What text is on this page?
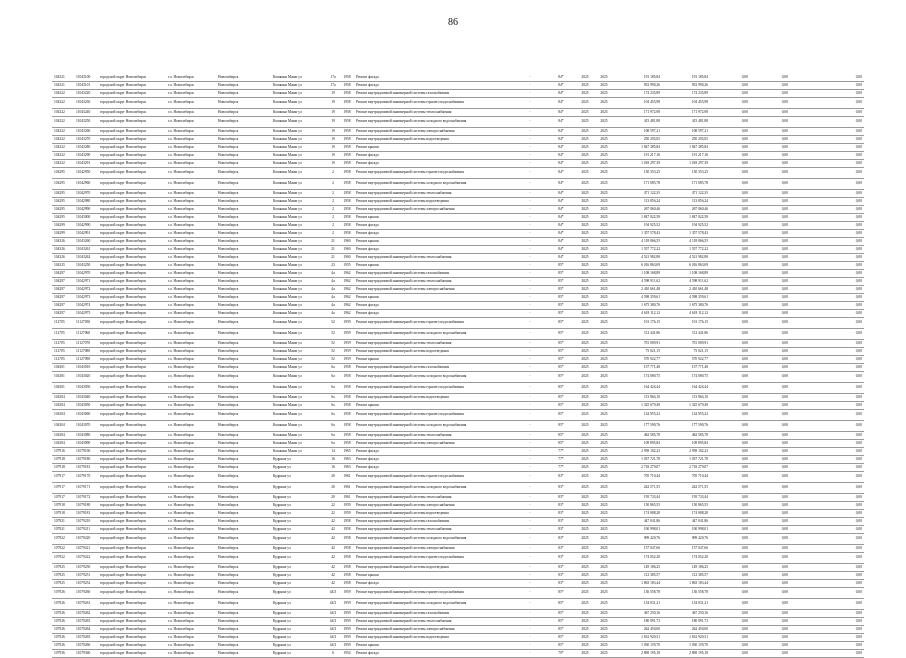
86
104321	11043100	городской округ Новосибирск	г.о. Новосибирск	Новосибирск	Кошкина Маши ул	17а	1958	Ремонт фасада	-	84*	2025	2025	191 185,84	191 185,84	0,00	0,00	0,00
104321	11043101	городской округ Новосибирск	г.о. Новосибирск	Новосибирск	Кошкина Маши ул	17а	1958	Ремонт фасада	-	84*	2025	2025	952 990,26	952 990,26	0,00	0,00	0,00
104322	11043220	городской округ Новосибирск	г.о. Новосибирск	Новосибирск	Кошкина Маши ул	19	1958	Ремонт внутридомовой инженерной системы газоснабжения	-	84*	2025	2025	174 235,89	174 235,89	0,00	0,00	0,00
104322	11043230	городской округ Новосибирск	г.о. Новосибирск	Новосибирск	Кошкина Маши ул	19	1958	Ремонт внутридомовой инженерной системы горячего водоснабжения	-	84*	2025	2025	104 455,98	104 455,98	0,00	0,00	0,00
104322	11043240	городской округ Новосибирск	г.о. Новосибирск	Новосибирск	Кошкина Маши ул	19	1958	Ремонт внутридомовой инженерной системы теплоснабжения	-	84*	2025	2025	171 972,98	171 972,98	0,00	0,00	0,00
104322	11043250	городской округ Новосибирск	г.о. Новосибирск	Новосибирск	Кошкина Маши ул	19	1958	Ремонт внутридомовой инженерной системы холодного водоснабжения	-	84*	2025	2025	415 481,88	415 481,88	0,00	0,00	0,00
104322	11043260	городской округ Новосибирск	г.о. Новосибирск	Новосибирск	Кошкина Маши ул	19	1958	Ремонт внутридомовой инженерной системы электроснабжения	-	84*	2025	2025	108 597,21	108 597,21	0,00	0,00	0,00
104322	11043270	городской округ Новосибирск	г.о. Новосибирск	Новосибирск	Кошкина Маши ул	19	1958	Ремонт внутридомовой инженерной системы водоотведения	-	84*	2025	2025	250 205,05	250 205,05	0,00	0,00	0,00
104322	11043280	городской округ Новосибирск	г.о. Новосибирск	Новосибирск	Кошкина Маши ул	19	1958	Ремонт крыши	-	84*	2025	2025	1 847 385,84	1 847 385,84	0,00	0,00	0,00
104322	11043290	городской округ Новосибирск	г.о. Новосибирск	Новосибирск	Кошкина Маши ул	19	1958	Ремонт фасада	-	84*	2025	2025	191 217,16	191 217,16	0,00	0,00	0,00
104322	11043291	городской округ Новосибирск	г.о. Новосибирск	Новосибирск	Кошкина Маши ул	19	1958	Ремонт фасада	-	84*	2025	2025	1 018 297,39	1 018 297,39	0,00	0,00	0,00
104295	11042950	городской округ Новосибирск	г.о. Новосибирск	Новосибирск	Кошкина Маши ул	2	1958	Ремонт внутридомовой инженерной системы горячего водоснабжения	-	84*	2025	2025	150 353,25	150 353,25	0,00	0,00	0,00
104295	11042960	городской округ Новосибирск	г.о. Новосибирск	Новосибирск	Кошкина Маши ул	2	1958	Ремонт внутридомовой инженерной системы холодного водоснабжения	-	84*	2025	2025	171 085,78	171 085,78	0,00	0,00	0,00
104295	11042970	городской округ Новосибирск	г.о. Новосибирск	Новосибирск	Кошкина Маши ул	2	1958	Ремонт внутридомовой инженерной системы теплоснабжения	-	84*	2025	2025	471 122,35	471 122,35	0,00	0,00	0,00
104295	11042980	городской округ Новосибирск	г.о. Новосибирск	Новосибирск	Кошкина Маши ул	2	1958	Ремонт внутридомовой инженерной системы водоотведения	-	84*	2025	2025	113 856,24	113 856,24	0,00	0,00	0,00
104295	11042990	городской округ Новосибирск	г.о. Новосибирск	Новосибирск	Кошкина Маши ул	2	1958	Ремонт внутридомовой инженерной системы электроснабжения	-	84*	2025	2025	267 060,46	267 060,46	0,00	0,00	0,00
104295	11043000	городской округ Новосибирск	г.о. Новосибирск	Новосибирск	Кошкина Маши ул	2	1958	Ремонт крыши	-	84*	2025	2025	1 847 022,58	1 847 022,58	0,00	0,00	0,00
104299	11042990	городской округ Новосибирск	г.о. Новосибирск	Новосибирск	Кошкина Маши ул	2	1958	Ремонт фасада	-	84*	2025	2025	194 925,52	194 925,52	0,00	0,00	0,00
104299	11042991	городской округ Новосибирск	г.о. Новосибирск	Новосибирск	Кошкина Маши ул	2	1958	Ремонт фасада	-	84*	2025	2025	1 357 578,43	1 357 578,43	0,00	0,00	0,00
104326	11043260	городской округ Новосибирск	г.о. Новосибирск	Новосибирск	Кошкина Маши ул	21	1960	Ремонт крыши	-	84*	2025	2025	4 118 866,55	4 118 866,55	0,00	0,00	0,00
104326	11043261	городской округ Новосибирск	г.о. Новосибирск	Новосибирск	Кошкина Маши ул	21	1960	Ремонт фасада	-	84*	2025	2025	1 557 772,22	1 557 772,22	0,00	0,00	0,00
104326	11043262	городской округ Новосибирск	г.о. Новосибирск	Новосибирск	Кошкина Маши ул	21	1960	Ремонт внутридомовой инженерной системы теплоснабжения	-	84*	2025	2025	4 521 982,88	4 521 982,88	0,00	0,00	0,00
104325	11043250	городской округ Новосибирск	г.о. Новосибирск	Новосибирск	Кошкина Маши ул	23	1955	Ремонт крыши	-	85*	2025	2025	6 016 863,09	6 016 863,09	0,00	0,00	0,00
104297	11042970	городской округ Новосибирск	г.о. Новосибирск	Новосибирск	Кошкина Маши ул	4а	1962	Ремонт внутридомовой инженерной системы газоснабжения	-	85*	2025	2025	1 108 168,89	1 108 168,89	0,00	0,00	0,00
104297	11042971	городской округ Новосибирск	г.о. Новосибирск	Новосибирск	Кошкина Маши ул	4а	1962	Ремонт внутридомовой инженерной системы теплоснабжения	-	85*	2025	2025	4 598 911,62	4 598 911,62	0,00	0,00	0,00
104297	11042972	городской округ Новосибирск	г.о. Новосибирск	Новосибирск	Кошкина Маши ул	4а	1962	Ремонт внутридомовой инженерной системы электроснабжения	-	85*	2025	2025	2 410 661,48	2 410 661,48	0,00	0,00	0,00
104297	11042973	городской округ Новосибирск	г.о. Новосибирск	Новосибирск	Кошкина Маши ул	4а	1962	Ремонт крыши	-	85*	2025	2025	4 598 359,61	4 598 359,61	0,00	0,00	0,00
104297	11042974	городской округ Новосибирск	г.о. Новосибирск	Новосибирск	Кошкина Маши ул	4а	1962	Ремонт фасада	-	85*	2025	2025	1 675 380,76	1 675 380,76	0,00	0,00	0,00
104297	11042975	городской округ Новосибирск	г.о. Новосибирск	Новосибирск	Кошкина Маши ул	4а	1962	Ремонт фасада	-	85*	2025	2025	4 618 112,12	4 618 112,12	0,00	0,00	0,00
112705	11127050	городской округ Новосибирск	г.о. Новосибирск	Новосибирск	Кошкина Маши ул	52	1959	Ремонт внутридомовой инженерной системы горячего водоснабжения	-	85*	2025	2025	101 176,15	101 176,15	0,00	0,00	0,00
112705	11127060	городской округ Новосибирск	г.о. Новосибирск	Новосибирск	Кошкина Маши ул	52	1959	Ремонт внутридомовой инженерной системы холодного водоснабжения	-	85*	2025	2025	112 441,86	112 441,86	0,00	0,00	0,00
112705	11127070	городской округ Новосибирск	г.о. Новосибирск	Новосибирск	Кошкина Маши ул	52	1959	Ремонт внутридомовой инженерной системы теплоснабжения	-	85*	2025	2025	701 009,91	701 009,91	0,00	0,00	0,00
112705	11127080	городской округ Новосибирск	г.о. Новосибирск	Новосибирск	Кошкина Маши ул	52	1959	Ремонт внутридомовой инженерной системы водоотведения	-	85*	2025	2025	75 021,15	75 021,15	0,00	0,00	0,00
112705	11127090	городской округ Новосибирск	г.о. Новосибирск	Новосибирск	Кошкина Маши ул	52	1959	Ремонт крыши	-	85*	2025	2025	570 922,77	570 922,77	0,00	0,00	0,00
104301	11043010	городской округ Новосибирск	г.о. Новосибирск	Новосибирск	Кошкина Маши ул	6а	1958	Ремонт внутридомовой инженерной системы газоснабжения	-	85*	2025	2025	157 771,48	157 771,48	0,00	0,00	0,00
104301	11043020	городской округ Новосибирск	г.о. Новосибирск	Новосибирск	Кошкина Маши ул	6а	1958	Ремонт внутридомовой инженерной системы холодного водоснабжения	-	85*	2025	2025	174 080,75	174 080,75	0,00	0,00	0,00
104301	11043030	городской округ Новосибирск	г.о. Новосибирск	Новосибирск	Кошкина Маши ул	6а	1958	Ремонт внутридомовой инженерной системы горячего водоснабжения	-	85*	2025	2025	164 424,44	164 424,44	0,00	0,00	0,00
104304	11043040	городской округ Новосибирск	г.о. Новосибирск	Новосибирск	Кошкина Маши ул	6а	1958	Ремонт внутридомовой инженерной системы водоотведения	-	85*	2025	2025	113 864,10	113 864,10	0,00	0,00	0,00
104304	11043050	городской округ Новосибирск	г.о. Новосибирск	Новосибирск	Кошкина Маши ул	6а	1958	Ремонт крыши	-	85*	2025	2025	1 325 679,49	1 325 679,49	0,00	0,00	0,00
104304	11043060	городской округ Новосибирск	г.о. Новосибирск	Новосибирск	Кошкина Маши ул	6а	1958	Ремонт внутридомовой инженерной системы горячего водоснабжения	-	85*	2025	2025	134 955,22	134 955,22	0,00	0,00	0,00
104304	11043070	городской округ Новосибирск	г.о. Новосибирск	Новосибирск	Кошкина Маши ул	6а	1958	Ремонт внутридомовой инженерной системы холодного водоснабжения	-	85*	2025	2025	177 590,76	177 590,76	0,00	0,00	0,00
104304	11043080	городской округ Новосибирск	г.о. Новосибирск	Новосибирск	Кошкина Маши ул	6а	1958	Ремонт внутридомовой инженерной системы теплоснабжения	-	85*	2025	2025	462 585,78	462 585,78	0,00	0,00	0,00
104304	11043090	городской округ Новосибирск	г.о. Новосибирск	Новосибирск	Кошкина Маши ул	6а	1958	Ремонт внутридомовой инженерной системы электроснабжения	-	85*	2025	2025	109 895,84	109 895,84	0,00	0,00	0,00
107916	11079160	городской округ Новосибирск	г.о. Новосибирск	Новосибирск	Кошкина Маши ул	14	1965	Ремонт фасада	-	77*	2025	2025	2 958 102,23	2 958 102,23	0,00	0,00	0,00
107918	11079180	городской округ Новосибирск	г.о. Новосибирск	Новосибирск	Кудряша ул	16	1963	Ремонт фасада	-	77*	2025	2025	1 037 721,78	1 037 721,78	0,00	0,00	0,00
107918	11079181	городской округ Новосибирск	г.о. Новосибирск	Новосибирск	Кудряша ул	16	1963	Ремонт фасада	-	77*	2025	2025	2 718 279,07	2 718 279,07	0,00	0,00	0,00
107917	11079170	городской округ Новосибирск	г.о. Новосибирск	Новосибирск	Кудряша ул	20	1961	Ремонт внутридомовой инженерной системы горячего водоснабжения	-	83*	2025	2025	705 710,44	705 710,44	0,00	0,00	0,00
107917	11079171	городской округ Новосибирск	г.о. Новосибирск	Новосибирск	Кудряша ул	20	1961	Ремонт внутридомовой инженерной системы холодного водоснабжения	-	83*	2025	2025	242 571,55	242 571,55	0,00	0,00	0,00
107917	11079172	городской округ Новосибирск	г.о. Новосибирск	Новосибирск	Кудряша ул	20	1961	Ремонт внутридомовой инженерной системы теплоснабжения	-	83*	2025	2025	195 733,44	195 733,44	0,00	0,00	0,00
107918	11079180	городской округ Новосибирск	г.о. Новосибирск	Новосибирск	Кудряша ул	22	1959	Ремонт внутридомовой инженерной системы электроснабжения	-	83*	2025	2025	150 865,55	150 865,55	0,00	0,00	0,00
107918	11079181	городской округ Новосибирск	г.о. Новосибирск	Новосибирск	Кудряша ул	22	1959	Ремонт внутридомовой инженерной системы водоотведения	-	83*	2025	2025	174 088,28	174 088,28	0,00	0,00	0,00
107921	11079210	городской округ Новосибирск	г.о. Новосибирск	Новосибирск	Кудряша ул	42	1958	Ремонт внутридомовой инженерной системы газоснабжения	-	83*	2025	2025	447 041,86	447 041,86	0,00	0,00	0,00
107921	11079211	городской округ Новосибирск	г.о. Новосибирск	Новосибирск	Кудряша ул	42	1958	Ремонт внутридомовой инженерной системы теплоснабжения	-	83*	2025	2025	100 998,01	100 998,01	0,00	0,00	0,00
107922	11079220	городской округ Новосибирск	г.о. Новосибирск	Новосибирск	Кудряша ул	42	1958	Ремонт внутридомовой инженерной системы холодного водоснабжения	-	83*	2025	2025	909 420,76	909 420,76	0,00	0,00	0,00
107922	11079221	городской округ Новосибирск	г.о. Новосибирск	Новосибирск	Кудряша ул	42	1958	Ремонт внутридомовой инженерной системы электроснабжения	-	83*	2025	2025	157 047,66	157 047,66	0,00	0,00	0,00
107922	11079222	городской округ Новосибирск	г.о. Новосибирск	Новосибирск	Кудряша ул	42	1958	Ремонт внутридомовой инженерной системы горячего водоснабжения	-	83*	2025	2025	174 052,20	174 052,20	0,00	0,00	0,00
107925	11079250	городской округ Новосибирск	г.о. Новосибирск	Новосибирск	Кудряша ул	42	1958	Ремонт внутридомовой инженерной системы водоотведения	-	83*	2025	2025	149 186,25	149 186,25	0,00	0,00	0,00
107925	11079251	городской округ Новосибирск	г.о. Новосибирск	Новосибирск	Кудряша ул	42	1958	Ремонт крыши	-	83*	2025	2025	112 385,57	112 385,57	0,00	0,00	0,00
107925	11079252	городской округ Новосибирск	г.о. Новосибирск	Новосибирск	Кудряша ул	42	1958	Ремонт фасада	-	83*	2025	2025	1 863 183,44	1 863 183,44	0,00	0,00	0,00
107926	11079260	городской округ Новосибирск	г.о. Новосибирск	Новосибирск	Кудряша ул	44/3	1959	Ремонт внутридомовой инженерной системы горячего водоснабжения	-	85*	2025	2025	136 558,78	136 558,78	0,00	0,00	0,00
107926	11079261	городской округ Новосибирск	г.о. Новосибирск	Новосибирск	Кудряша ул	44/3	1959	Ремонт внутридомовой инженерной системы холодного водоснабжения	-	85*	2025	2025	154 031,21	154 031,21	0,00	0,00	0,00
107926	11079262	городской округ Новосибирск	г.о. Новосибирск	Новосибирск	Кудряша ул	44/3	1959	Ремонт внутридомовой инженерной системы газоснабжения	-	85*	2025	2025	467 250,16	467 250,16	0,00	0,00	0,00
107926	11079263	городской округ Новосибирск	г.о. Новосибирск	Новосибирск	Кудряша ул	44/3	1959	Ремонт внутридомовой инженерной системы теплоснабжения	-	85*	2025	2025	180 991,73	180 991,73	0,00	0,00	0,00
107926	11079264	городской округ Новосибирск	г.о. Новосибирск	Новосибирск	Кудряша ул	44/3	1959	Ремонт внутридомовой инженерной системы электроснабжения	-	85*	2025	2025	262 450,00	262 450,00	0,00	0,00	0,00
107926	11079265	городской округ Новосибирск	г.о. Новосибирск	Новосибирск	Кудряша ул	44/3	1959	Ремонт внутридомовой инженерной системы водоотведения	-	85*	2025	2025	1 632 920,51	1 632 920,51	0,00	0,00	0,00
107926	11079266	городской округ Новосибирск	г.о. Новосибирск	Новосибирск	Кудряша ул	44/3	1959	Ремонт крыши	-	85*	2025	2025	1 030 159,70	1 030 159,70	0,00	0,00	0,00
107936	11079360	городской округ Новосибирск	г.о. Новосибирск	Новосибирск	Кудряша ул	6	1954	Ремонт фасада	-	79*	2025	2025	2 869 195,18	2 869 195,18	0,00	0,00	0,00
